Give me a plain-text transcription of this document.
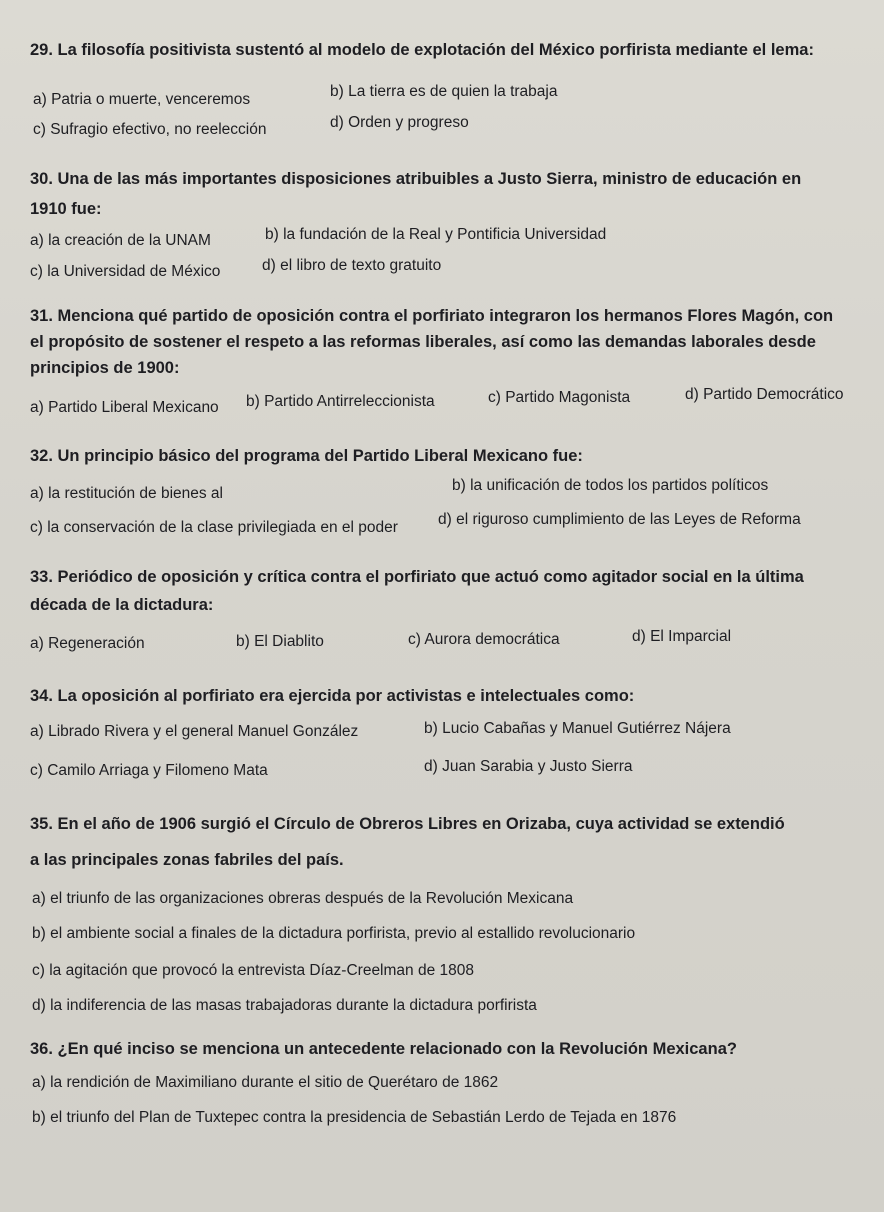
29. La filosofía positivista sustentó al modelo de explotación del México porfirista mediante el lema:
a) Patria o muerte, venceremos	b) La tierra es de quien la trabaja
c) Sufragio efectivo, no reelección	d) Orden y progreso
30. Una de las más importantes disposiciones atribuibles a Justo Sierra, ministro de educación en
1910 fue:
a) la creación de la UNAM	b) la fundación de la Real y Pontificia Universidad
c) la Universidad de México	d) el libro de texto gratuito
31. Menciona qué partido de oposición contra el porfiriato integraron los hermanos Flores Magón, con
el propósito de sostener el respeto a las reformas liberales, así como las demandas laborales desde
principios de 1900:
a) Partido Liberal Mexicano b) Partido Antirreleccionista	c) Partido Magonista	d) Partido Democrático
32. Un principio básico del programa del Partido Liberal Mexicano fue:
a) la restitución de bienes al	b) la unificación de todos los partidos políticos
c) la conservación de la clase privilegiada en el poder	d) el riguroso cumplimiento de las Leyes de Reforma
33. Periódico de oposición y crítica contra el porfiriato que actuó como agitador social en la última
década de la dictadura:
a) Regeneración	b) El Diablito	c) Aurora democrática	d) El Imparcial
34. La oposición al porfiriato era ejercida por activistas e intelectuales como:
a) Librado Rivera y el general Manuel González	b) Lucio Cabañas y Manuel Gutiérrez Nájera
c) Camilo Arriaga y Filomeno Mata	d) Juan Sarabia y Justo Sierra
35. En el año de 1906 surgió el Círculo de Obreros Libres en Orizaba, cuya actividad se extendió
a las principales zonas fabriles del país.
a) el triunfo de las organizaciones obreras después de la Revolución Mexicana
b) el ambiente social a finales de la dictadura porfirista, previo al estallido revolucionario
c) la agitación que provocó la entrevista Díaz-Creelman de 1808
d) la indiferencia de las masas trabajadoras durante la dictadura porfirista
36. ¿En qué inciso se menciona un antecedente relacionado con la Revolución Mexicana?
a) la rendición de Maximiliano durante el sitio de Querétaro de 1862
b) el triunfo del Plan de Tuxtepec contra la presidencia de Sebastián Lerdo de Tejada en 1876
